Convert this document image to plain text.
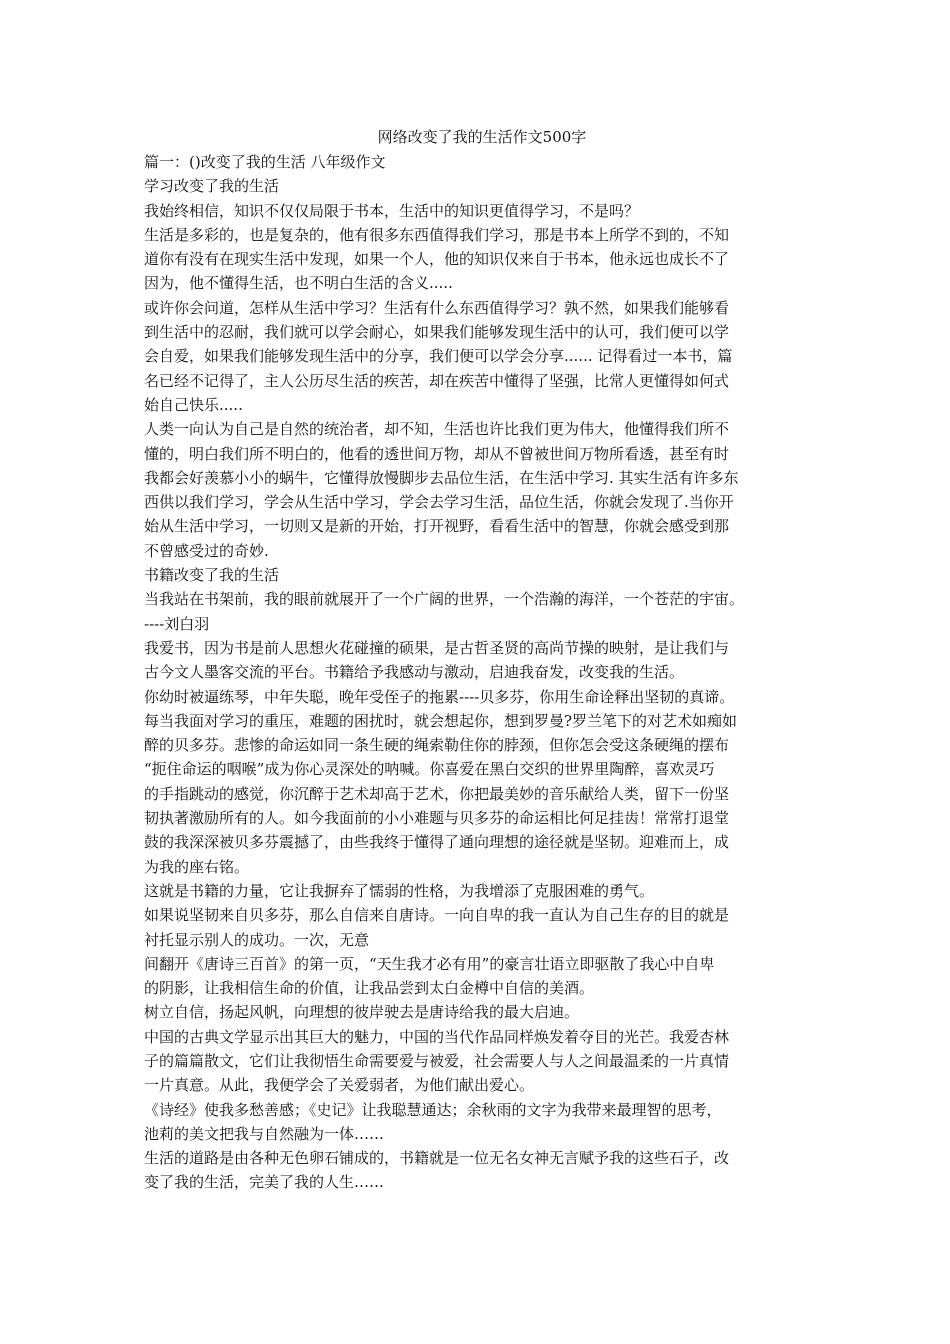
网络改变了我的生活作文500字

篇一：()改变了我的生活 八年级作文

学习改变了我的生活

我始终相信，知识不仅仅局限于书本，生活中的知识更值得学习，不是吗？

生活是多彩的，也是复杂的，他有很多东西值得我们学习，那是书本上所学不到的，不知

道你有没有在现实生活中发现，如果一个人，他的知识仅来自于书本，他永远也成长不了

因为，他不懂得生活，也不明白生活的含义.....

或许你会问道，怎样从生活中学习？生活有什么东西值得学习？孰不然，如果我们能够看

到生活中的忍耐，我们就可以学会耐心，如果我们能够发现生活中的认可，我们便可以学

会自爱，如果我们能够发现生活中的分享，我们便可以学会分享...... 记得看过一本书，篇

名已经不记得了，主人公历尽生活的疾苦，却在疾苦中懂得了坚强，比常人更懂得如何式

始自己快乐.....

人类一向认为自己是自然的统治者，却不知，生活也许比我们更为伟大，他懂得我们所不

懂的，明白我们所不明白的，他看的透世间万物，却从不曾被世间万物所看透，甚至有时

我都会好羡慕小小的蜗牛，它懂得放慢脚步去品位生活，在生活中学习. 其实生活有许多东

西供以我们学习，学会从生活中学习，学会去学习生活，品位生活，你就会发现了.当你开

始从生活中学习，一切则又是新的开始，打开视野，看看生活中的智慧，你就会感受到那

不曾感受过的奇妙.

书籍改变了我的生活

当我站在书架前，我的眼前就展开了一个广阔的世界，一个浩瀚的海洋，一个苍茫的宇宙。

----刘白羽

我爱书，因为书是前人思想火花碰撞的硕果，是古哲圣贤的高尚节操的映射，是让我们与

古今文人墨客交流的平台。书籍给予我感动与激动，启迪我奋发，改变我的生活。

你幼时被逼练琴，中年失聪，晚年受侄子的拖累----贝多芬，你用生命诠释出坚韧的真谛。

每当我面对学习的重压，难题的困扰时，就会想起你，想到罗曼?罗兰笔下的对艺术如痴如

醉的贝多芬。悲惨的命运如同一条生硬的绳索勒住你的脖颈，但你怎会受这条硬绳的摆布

“扼住命运的咽喉”成为你心灵深处的呐喊。你喜爱在黑白交织的世界里陶醉，喜欢灵巧

的手指跳动的感觉，你沉醉于艺术却高于艺术，你把最美妙的音乐献给人类，留下一份坚

韧执著激励所有的人。如今我面前的小小难题与贝多芬的命运相比何足挂齿！常常打退堂

鼓的我深深被贝多芬震撼了，由些我终于懂得了通向理想的途径就是坚韧。迎难而上，成

为我的座右铭。

这就是书籍的力量，它让我摒弃了懦弱的性格，为我增添了克服困难的勇气。

如果说坚韧来自贝多芬，那么自信来自唐诗。一向自卑的我一直认为自己生存的目的就是

衬托显示别人的成功。一次，无意

间翻开《唐诗三百首》的第一页，“天生我才必有用”的豪言壮语立即驱散了我心中自卑

的阴影，让我相信生命的价值，让我品尝到太白金樽中自信的美酒。

树立自信，扬起风帆，向理想的彼岸驶去是唐诗给我的最大启迪。

中国的古典文学显示出其巨大的魅力，中国的当代作品同样焕发着夺目的光芒。我爱杏林

子的篇篇散文，它们让我彻悟生命需要爱与被爱，社会需要人与人之间最温柔的一片真情

一片真意。从此，我便学会了关爱弱者，为他们献出爱心。

《诗经》使我多愁善感；《史记》让我聪慧通达；余秋雨的文字为我带来最理智的思考，

池莉的美文把我与自然融为一体……

生活的道路是由各种无色卵石铺成的，书籍就是一位无名女神无言赋予我的这些石子，改

变了我的生活，完美了我的人生……
